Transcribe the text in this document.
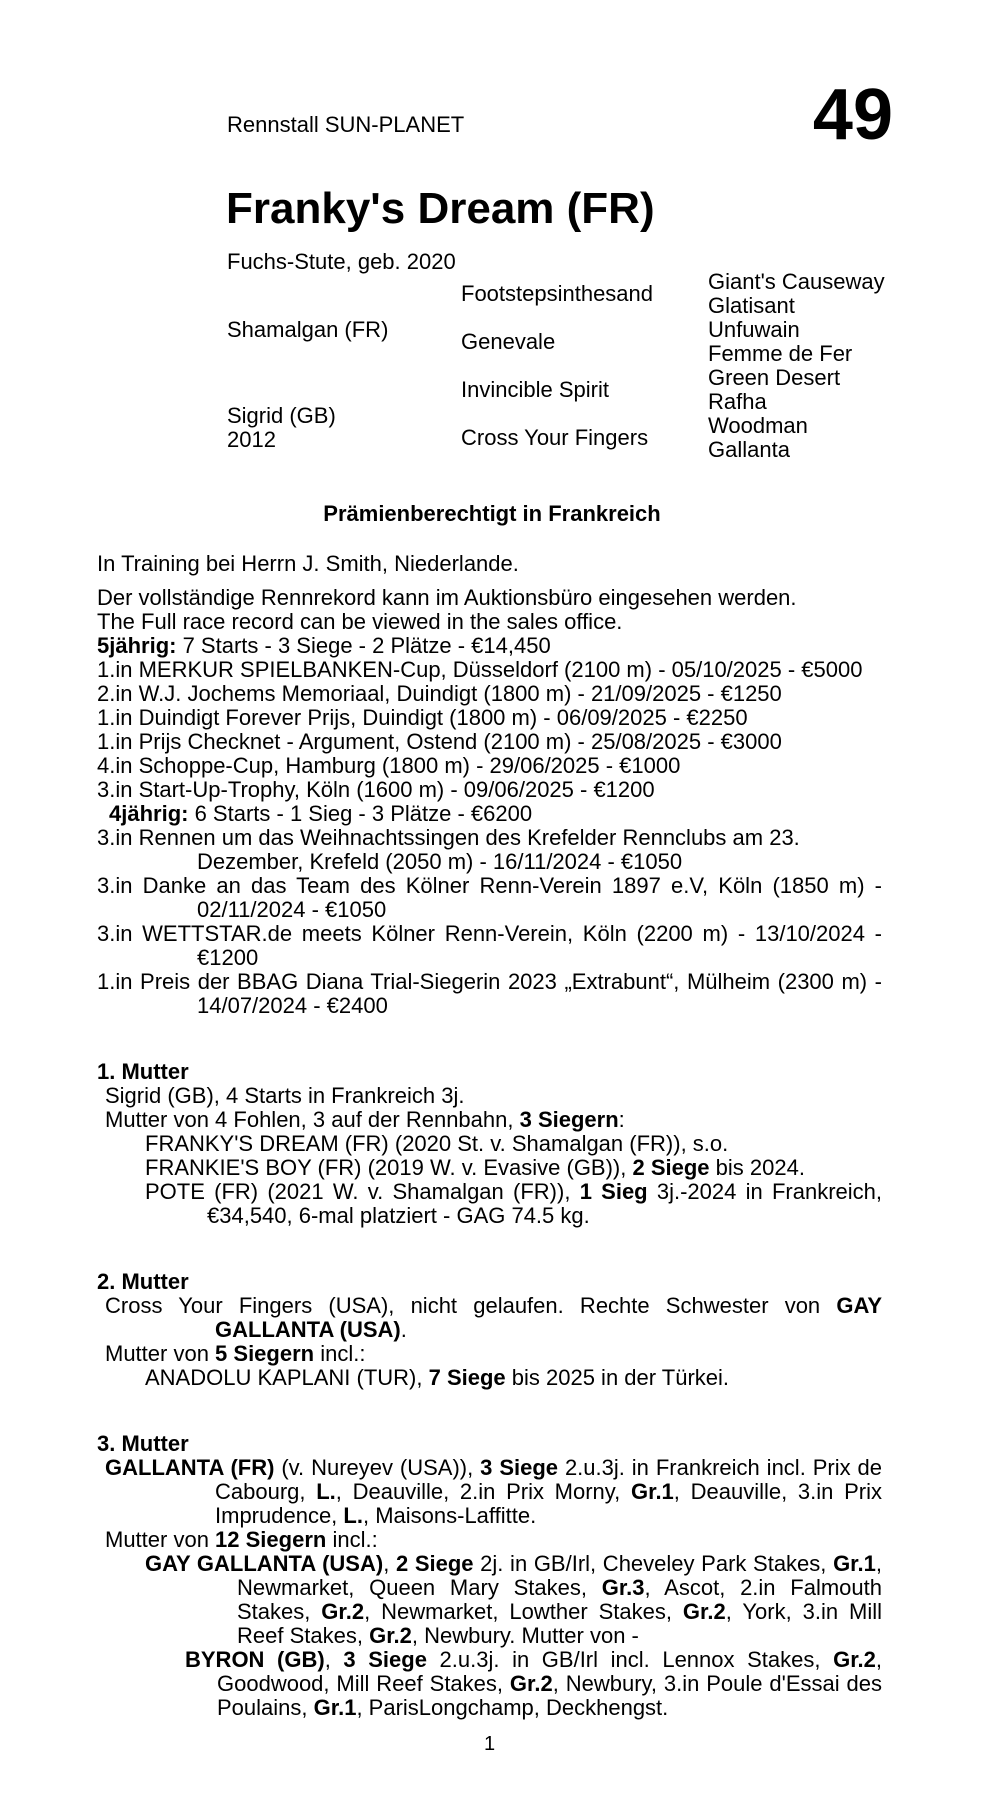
Rennstall SUN-PLANET	49
Franky's Dream (FR)
Fuchs-Stute, geb. 2020
Shamalgan (FR)
Sigrid (GB)
2012
Footstepsinthesand
Genevale
Invincible Spirit
Cross Your Fingers
Giant's Causeway
Glatisant
Unfuwain
Femme de Fer
Green Desert
Rafha
Woodman
Gallanta
Prämienberechtigt in Frankreich
In Training bei Herrn J. Smith, Niederlande.

Der vollständige Rennrekord kann im Auktionsbüro eingesehen werden.

The Full race record can be viewed in the sales office.

5jährig: 7 Starts - 3 Siege - 2 Plätze - €14,450

1.in MERKUR SPIELBANKEN-Cup, Düsseldorf (2100 m) - 05/10/2025 - €5000

2.in W.J. Jochems Memoriaal, Duindigt (1800 m) - 21/09/2025 - €1250

1.in Duindigt Forever Prijs, Duindigt (1800 m) - 06/09/2025 - €2250

1.in Prijs Checknet - Argument, Ostend (2100 m) - 25/08/2025 - €3000

4.in Schoppe-Cup, Hamburg (1800 m) - 29/06/2025 - €1000

3.in Start-Up-Trophy, Köln (1600 m) - 09/06/2025 - €1200

4jährig: 6 Starts - 1 Sieg - 3 Plätze - €6200

3.in Rennen um das Weihnachtssingen des Krefelder Rennclubs am 23. Dezember, Krefeld (2050 m) - 16/11/2024 - €1050

3.in Danke an das Team des Kölner Renn-Verein 1897 e.V, Köln (1850 m) - 02/11/2024 - €1050

3.in WETTSTAR.de meets Kölner Renn-Verein, Köln (2200 m) - 13/10/2024 - €1200

1.in Preis der BBAG Diana Trial-Siegerin 2023 „Extrabunt“, Mülheim (2300 m) - 14/07/2024 - €2400

1. Mutter

Sigrid (GB), 4 Starts in Frankreich 3j.

Mutter von 4 Fohlen, 3 auf der Rennbahn, 3 Siegern:

FRANKY'S DREAM (FR) (2020 St. v. Shamalgan (FR)), s.o.

FRANKIE'S BOY (FR) (2019 W. v. Evasive (GB)), 2 Siege bis 2024.

POTE (FR) (2021 W. v. Shamalgan (FR)), 1 Sieg 3j.-2024 in Frankreich, €34,540, 6-mal platziert - GAG 74.5 kg.

2. Mutter

Cross Your Fingers (USA), nicht gelaufen. Rechte Schwester von GAY GALLANTA (USA).

Mutter von 5 Siegern incl.:

ANADOLU KAPLANI (TUR), 7 Siege bis 2025 in der Türkei.

3. Mutter

GALLANTA (FR) (v. Nureyev (USA)), 3 Siege 2.u.3j. in Frankreich incl. Prix de Cabourg, L., Deauville, 2.in Prix Morny, Gr.1, Deauville, 3.in Prix Imprudence, L., Maisons-Laffitte.

Mutter von 12 Siegern incl.:

GAY GALLANTA (USA), 2 Siege 2j. in GB/Irl, Cheveley Park Stakes, Gr.1, Newmarket, Queen Mary Stakes, Gr.3, Ascot, 2.in Falmouth Stakes, Gr.2, Newmarket, Lowther Stakes, Gr.2, York, 3.in Mill Reef Stakes, Gr.2, Newbury. Mutter von -

BYRON (GB), 3 Siege 2.u.3j. in GB/Irl incl. Lennox Stakes, Gr.2, Goodwood, Mill Reef Stakes, Gr.2, Newbury, 3.in Poule d'Essai des Poulains, Gr.1, ParisLongchamp, Deckhengst.

1
